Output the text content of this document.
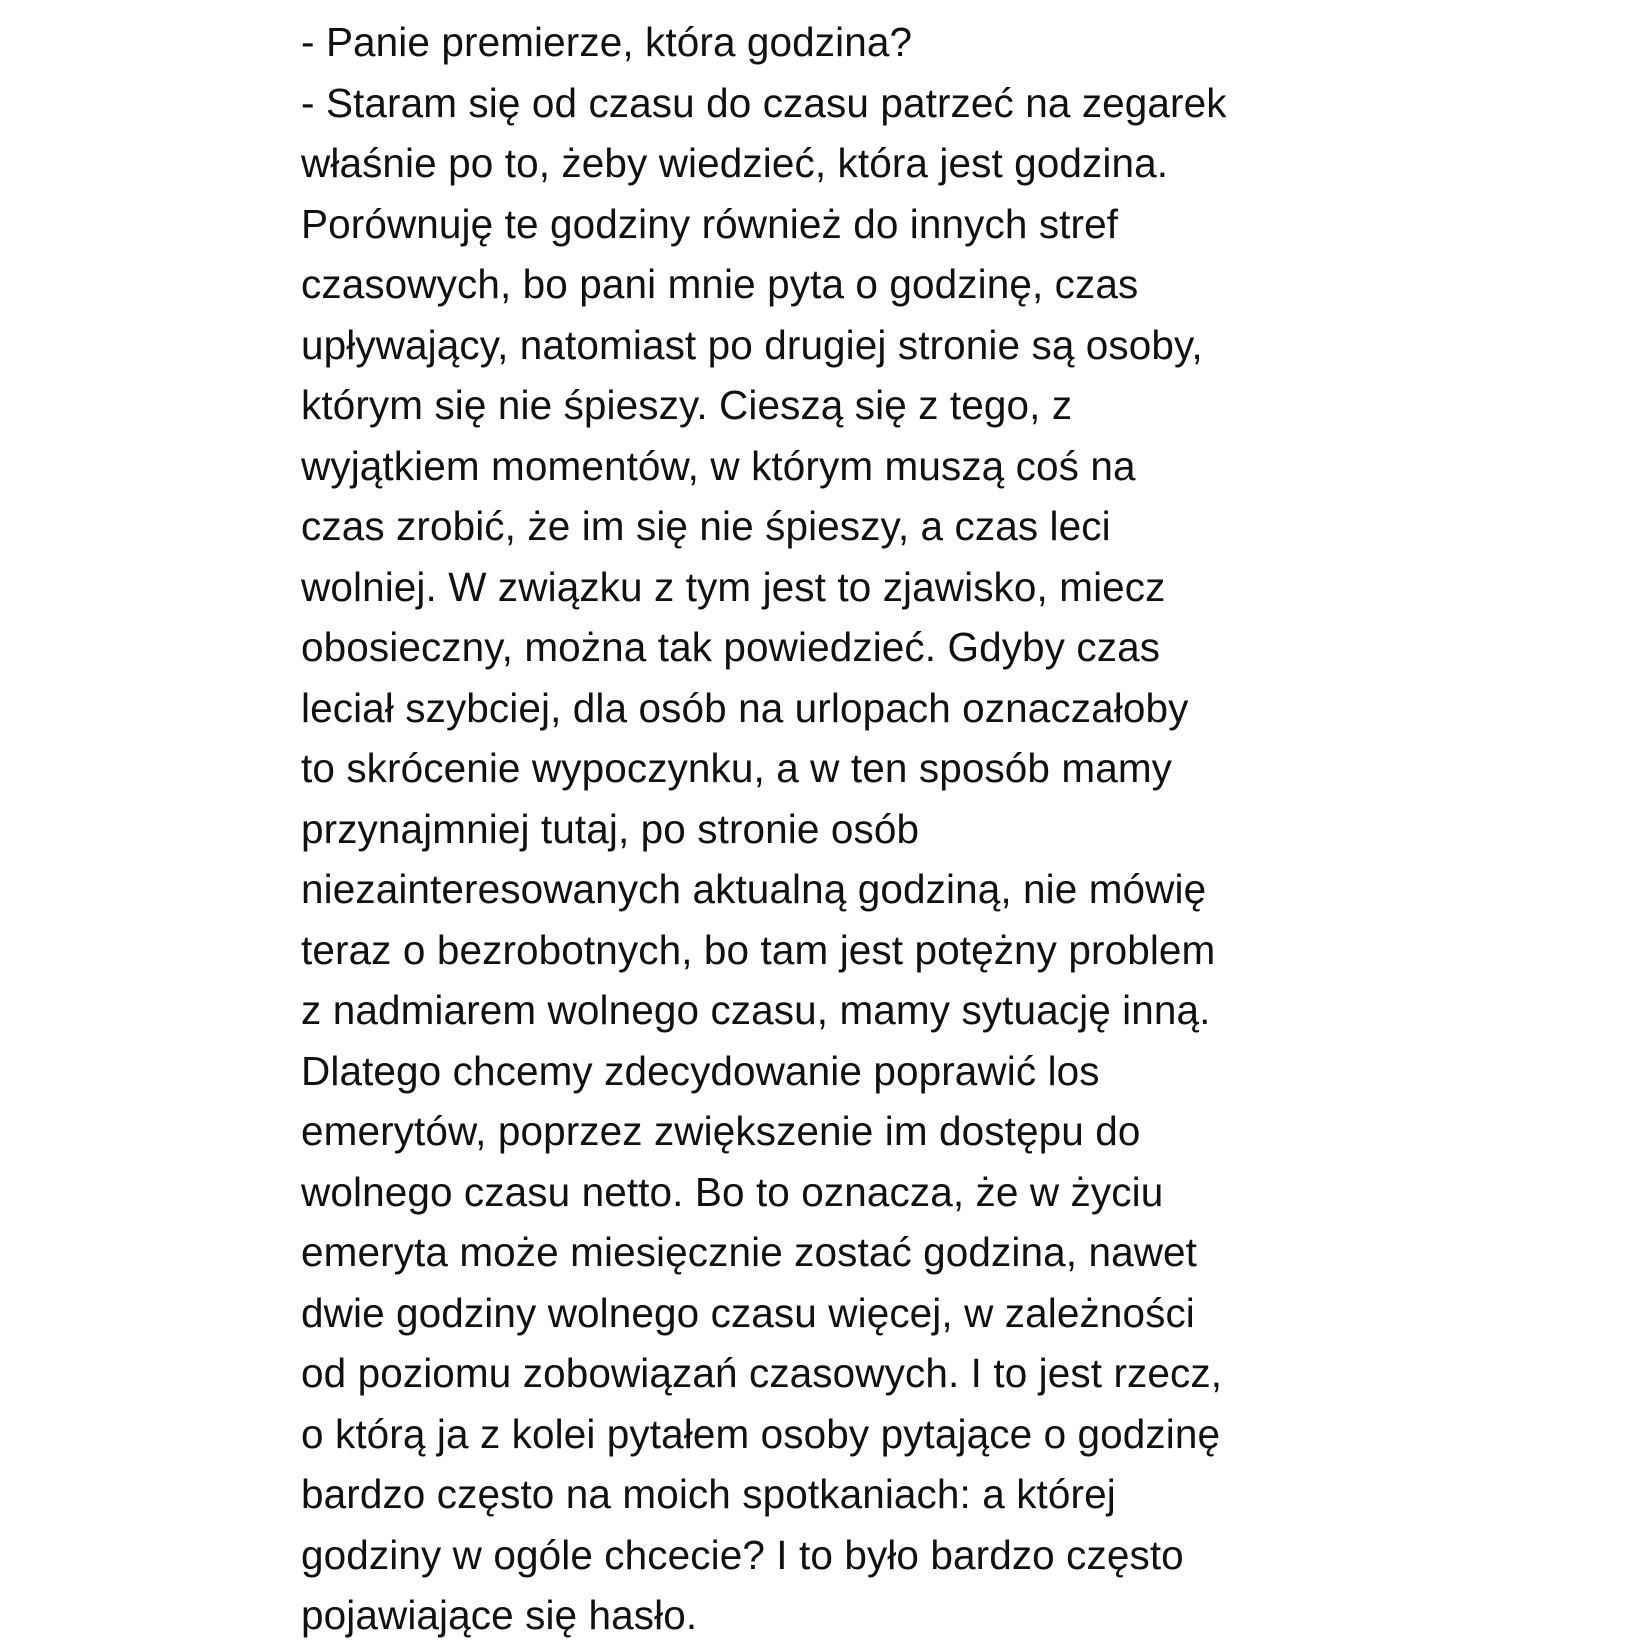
- Panie premierze, która godzina?
- Staram się od czasu do czasu patrzeć na zegarek
właśnie po to, żeby wiedzieć, która jest godzina.
Porównuję te godziny również do innych stref
czasowych, bo pani mnie pyta o godzinę, czas
upływający, natomiast po drugiej stronie są osoby,
którym się nie śpieszy. Cieszą się z tego, z
wyjątkiem momentów, w którym muszą coś na
czas zrobić, że im się nie śpieszy, a czas leci
wolniej. W związku z tym jest to zjawisko, miecz
obosieczny, można tak powiedzieć. Gdyby czas
leciał szybciej, dla osób na urlopach oznaczałoby
to skrócenie wypoczynku, a w ten sposób mamy
przynajmniej tutaj, po stronie osób
niezainteresowanych aktualną godziną, nie mówię
teraz o bezrobotnych, bo tam jest potężny problem
z nadmiarem wolnego czasu, mamy sytuację inną.
Dlatego chcemy zdecydowanie poprawić los
emerytów, poprzez zwiększenie im dostępu do
wolnego czasu netto. Bo to oznacza, że w życiu
emeryta może miesięcznie zostać godzina, nawet
dwie godziny wolnego czasu więcej, w zależności
od poziomu zobowiązań czasowych. I to jest rzecz,
o którą ja z kolei pytałem osoby pytające o godzinę
bardzo często na moich spotkaniach: a której
godziny w ogóle chcecie? I to było bardzo często
pojawiające się hasło.
